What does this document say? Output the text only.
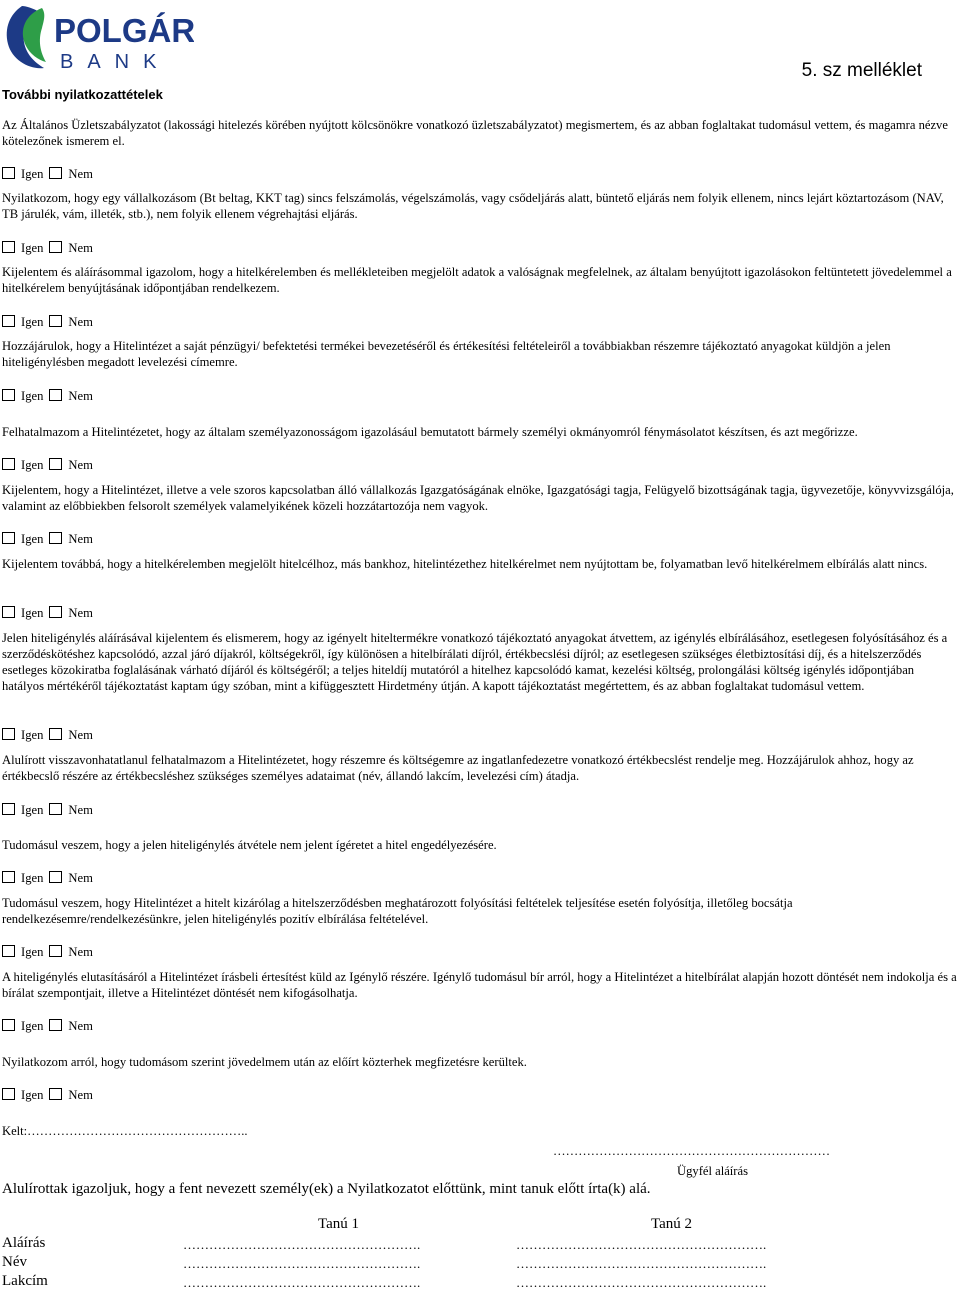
POLGÁRI
BANK	5. sz melléklet
További nyilatkozattételek
Az Általános Üzletszabályzatot (lakossági hitelezés körében nyújtott kölcsönökre vonatkozó üzletszabályzatot) megismertem, és az abban foglaltakat tudomásul vettem, és magamra nézve kötelezőnek ismerem el.
Igen Nem
Nyilatkozom, hogy egy vállalkozásom (Bt beltag, KKT tag) sincs felszámolás, végelszámolás, vagy csődeljárás alatt, büntető eljárás nem folyik ellenem, nincs lejárt köztartozásom (NAV, TB járulék, vám, illeték, stb.), nem folyik ellenem végrehajtási eljárás.
Igen Nem
Kijelentem és aláírásommal igazolom, hogy a hitelkérelemben és mellékleteiben megjelölt adatok a valóságnak megfelelnek, az általam benyújtott igazolásokon feltüntetett jövedelemmel a hitelkérelem benyújtásának időpontjában rendelkezem.
Igen Nem
Hozzájárulok, hogy a Hitelintézet a saját pénzügyi/ befektetési termékei bevezetéséről és értékesítési feltételeiről a továbbiakban részemre tájékoztató anyagokat küldjön a jelen hiteligénylésben megadott levelezési címemre.
Igen Nem
Felhatalmazom a Hitelintézetet, hogy az általam személyazonosságom igazolásául bemutatott bármely személyi okmányomról fénymásolatot készítsen, és azt megőrizze.
Igen Nem
Kijelentem, hogy a Hitelintézet, illetve a vele szoros kapcsolatban álló vállalkozás Igazgatóságának elnöke, Igazgatósági tagja, Felügyelő bizottságának tagja, ügyvezetője, könyvvizsgálója, valamint az előbbiekben felsorolt személyek valamelyikének közeli hozzátartozója nem vagyok.
Igen Nem
Kijelentem továbbá, hogy a hitelkérelemben megjelölt hitelcélhoz, más bankhoz, hitelintézethez hitelkérelmet nem nyújtottam be, folyamatban levő hitelkérelmem elbírálás alatt nincs.
Igen Nem
Jelen hiteligénylés aláírásával kijelentem és elismerem, hogy az igényelt hiteltermékre vonatkozó tájékoztató anyagokat átvettem, az igénylés elbírálásához, esetlegesen folyósításához és a szerződéskötéshez kapcsolódó, azzal járó díjakról, költségekről, így különösen a hitelbírálati díjról, értékbecslési díjról; az esetlegesen szükséges életbiztosítási díj, és a hitelszerződés esetleges közokiratba foglalásának várható díjáról és költségéről; a teljes hiteldíj mutatóról a hitelhez kapcsolódó kamat, kezelési költség, prolongálási költség igénylés időpontjában hatályos mértékéről tájékoztatást kaptam úgy szóban, mint a kifüggesztett Hirdetmény útján. A kapott tájékoztatást megértettem, és az abban foglaltakat tudomásul vettem.
Igen Nem
Alulírott visszavonhatatlanul felhatalmazom a Hitelintézetet, hogy részemre és költségemre az ingatlanfedezetre vonatkozó értékbecslést rendelje meg. Hozzájárulok ahhoz, hogy az értékbecslő részére az értékbecsléshez szükséges személyes adataimat (név, állandó lakcím, levelezési cím) átadja.
Igen Nem
Tudomásul veszem, hogy a jelen hiteligénylés átvétele nem jelent ígéretet a hitel engedélyezésére.
Igen Nem
Tudomásul veszem, hogy Hitelintézet a hitelt kizárólag a hitelszerződésben meghatározott folyósítási feltételek teljesítése esetén folyósítja, illetőleg bocsátja rendelkezésemre/rendelkezésünkre, jelen hiteligénylés pozitív elbírálása feltételével.
Igen Nem
A hiteligénylés elutasításáról a Hitelintézet írásbeli értesítést küld az Igénylő részére. Igénylő tudomásul bír arról, hogy a Hitelintézet a hitelbírálat alapján hozott döntését nem indokolja és a bírálat szempontjait, illetve a Hitelintézet döntését nem kifogásolhatja.
Igen Nem
Nyilatkozom arról, hogy tudomásom szerint jövedelmem után az előírt közterhek megfizetésre kerültek.
Igen Nem
Kelt:……………………………………………..
…………………………………………………………
Ügyfél aláírás
Alulírottak igazoljuk, hogy a fent nevezett személy(ek) a Nyilatkozatot előttünk, mint tanuk előtt írta(k) alá.
Tanú 1	Tanú 2
Aláírás
Név
Lakcím
……………………………………………….
……………………………………………….
……………………………………………….
………………………………………………….
………………………………………………….
………………………………………………….
